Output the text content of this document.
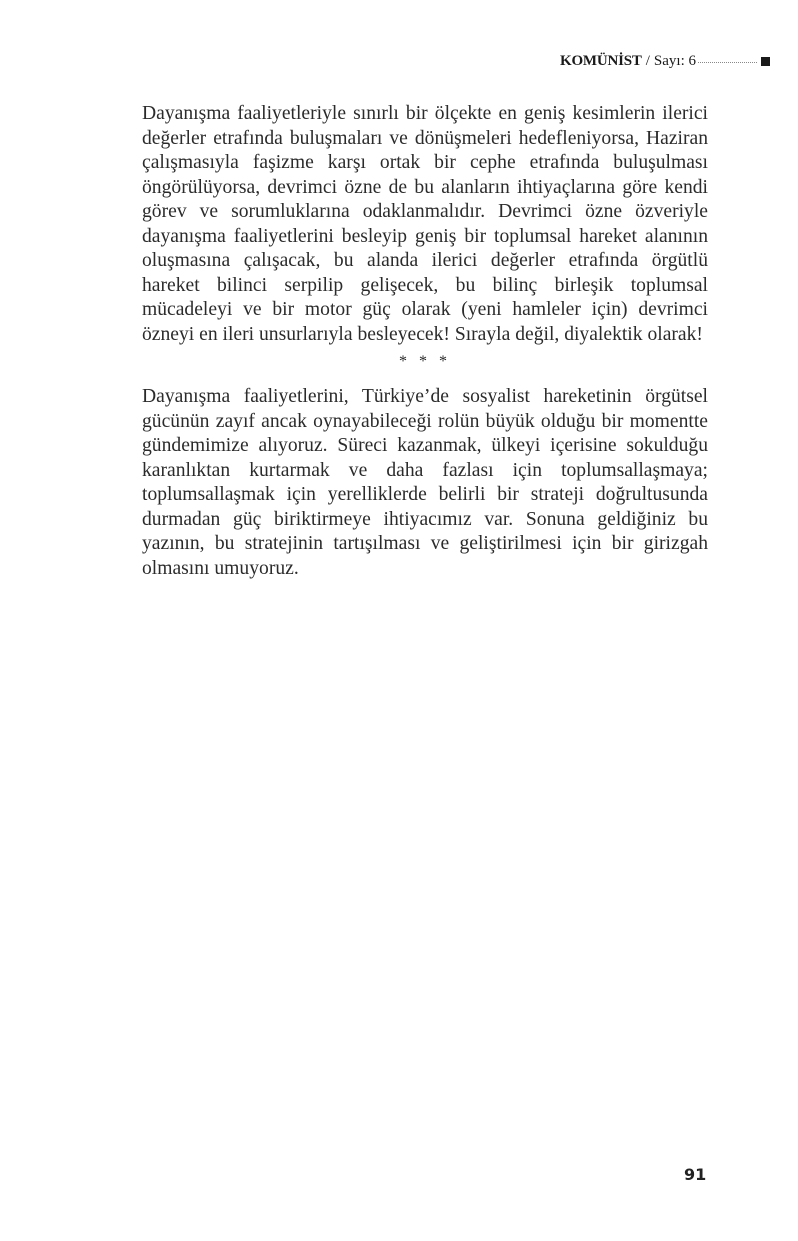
KOMÜNİST / Sayı: 6

Dayanışma faaliyetleriyle sınırlı bir ölçekte en geniş kesimlerin ilerici değerler etrafında buluşmaları ve dönüşmeleri hedefleniyorsa, Haziran çalışmasıyla faşizme karşı ortak bir cephe etrafında buluşulması öngörülüyorsa, devrimci özne de bu alanların ihtiyaçlarına göre kendi görev ve sorumluklarına odaklanmalıdır. Devrimci özne özveriyle dayanışma faaliyetlerini besleyip geniş bir toplumsal hareket alanının oluşmasına çalışacak, bu alanda ilerici değerler etrafında örgütlü hareket bilinci serpilip gelişecek, bu bilinç birleşik toplumsal mücadeleyi ve bir motor güç olarak (yeni hamleler için) devrimci özneyi en ileri unsurlarıyla besleyecek! Sırayla değil, diyalektik olarak!

* * *

Dayanışma faaliyetlerini, Türkiye’de sosyalist hareketinin örgütsel gücünün zayıf ancak oynayabileceği rolün büyük olduğu bir momentte gündemimize alıyoruz. Süreci kazanmak, ülkeyi içerisine sokulduğu karanlıktan kurtarmak ve daha fazlası için toplumsallaşmaya; toplumsallaşmak için yerelliklerde belirli bir strateji doğrultusunda durmadan güç biriktirmeye ihtiyacımız var. Sonuna geldiğiniz bu yazının, bu stratejinin tartışılması ve geliştirilmesi için bir girizgah olmasını umuyoruz.

91
